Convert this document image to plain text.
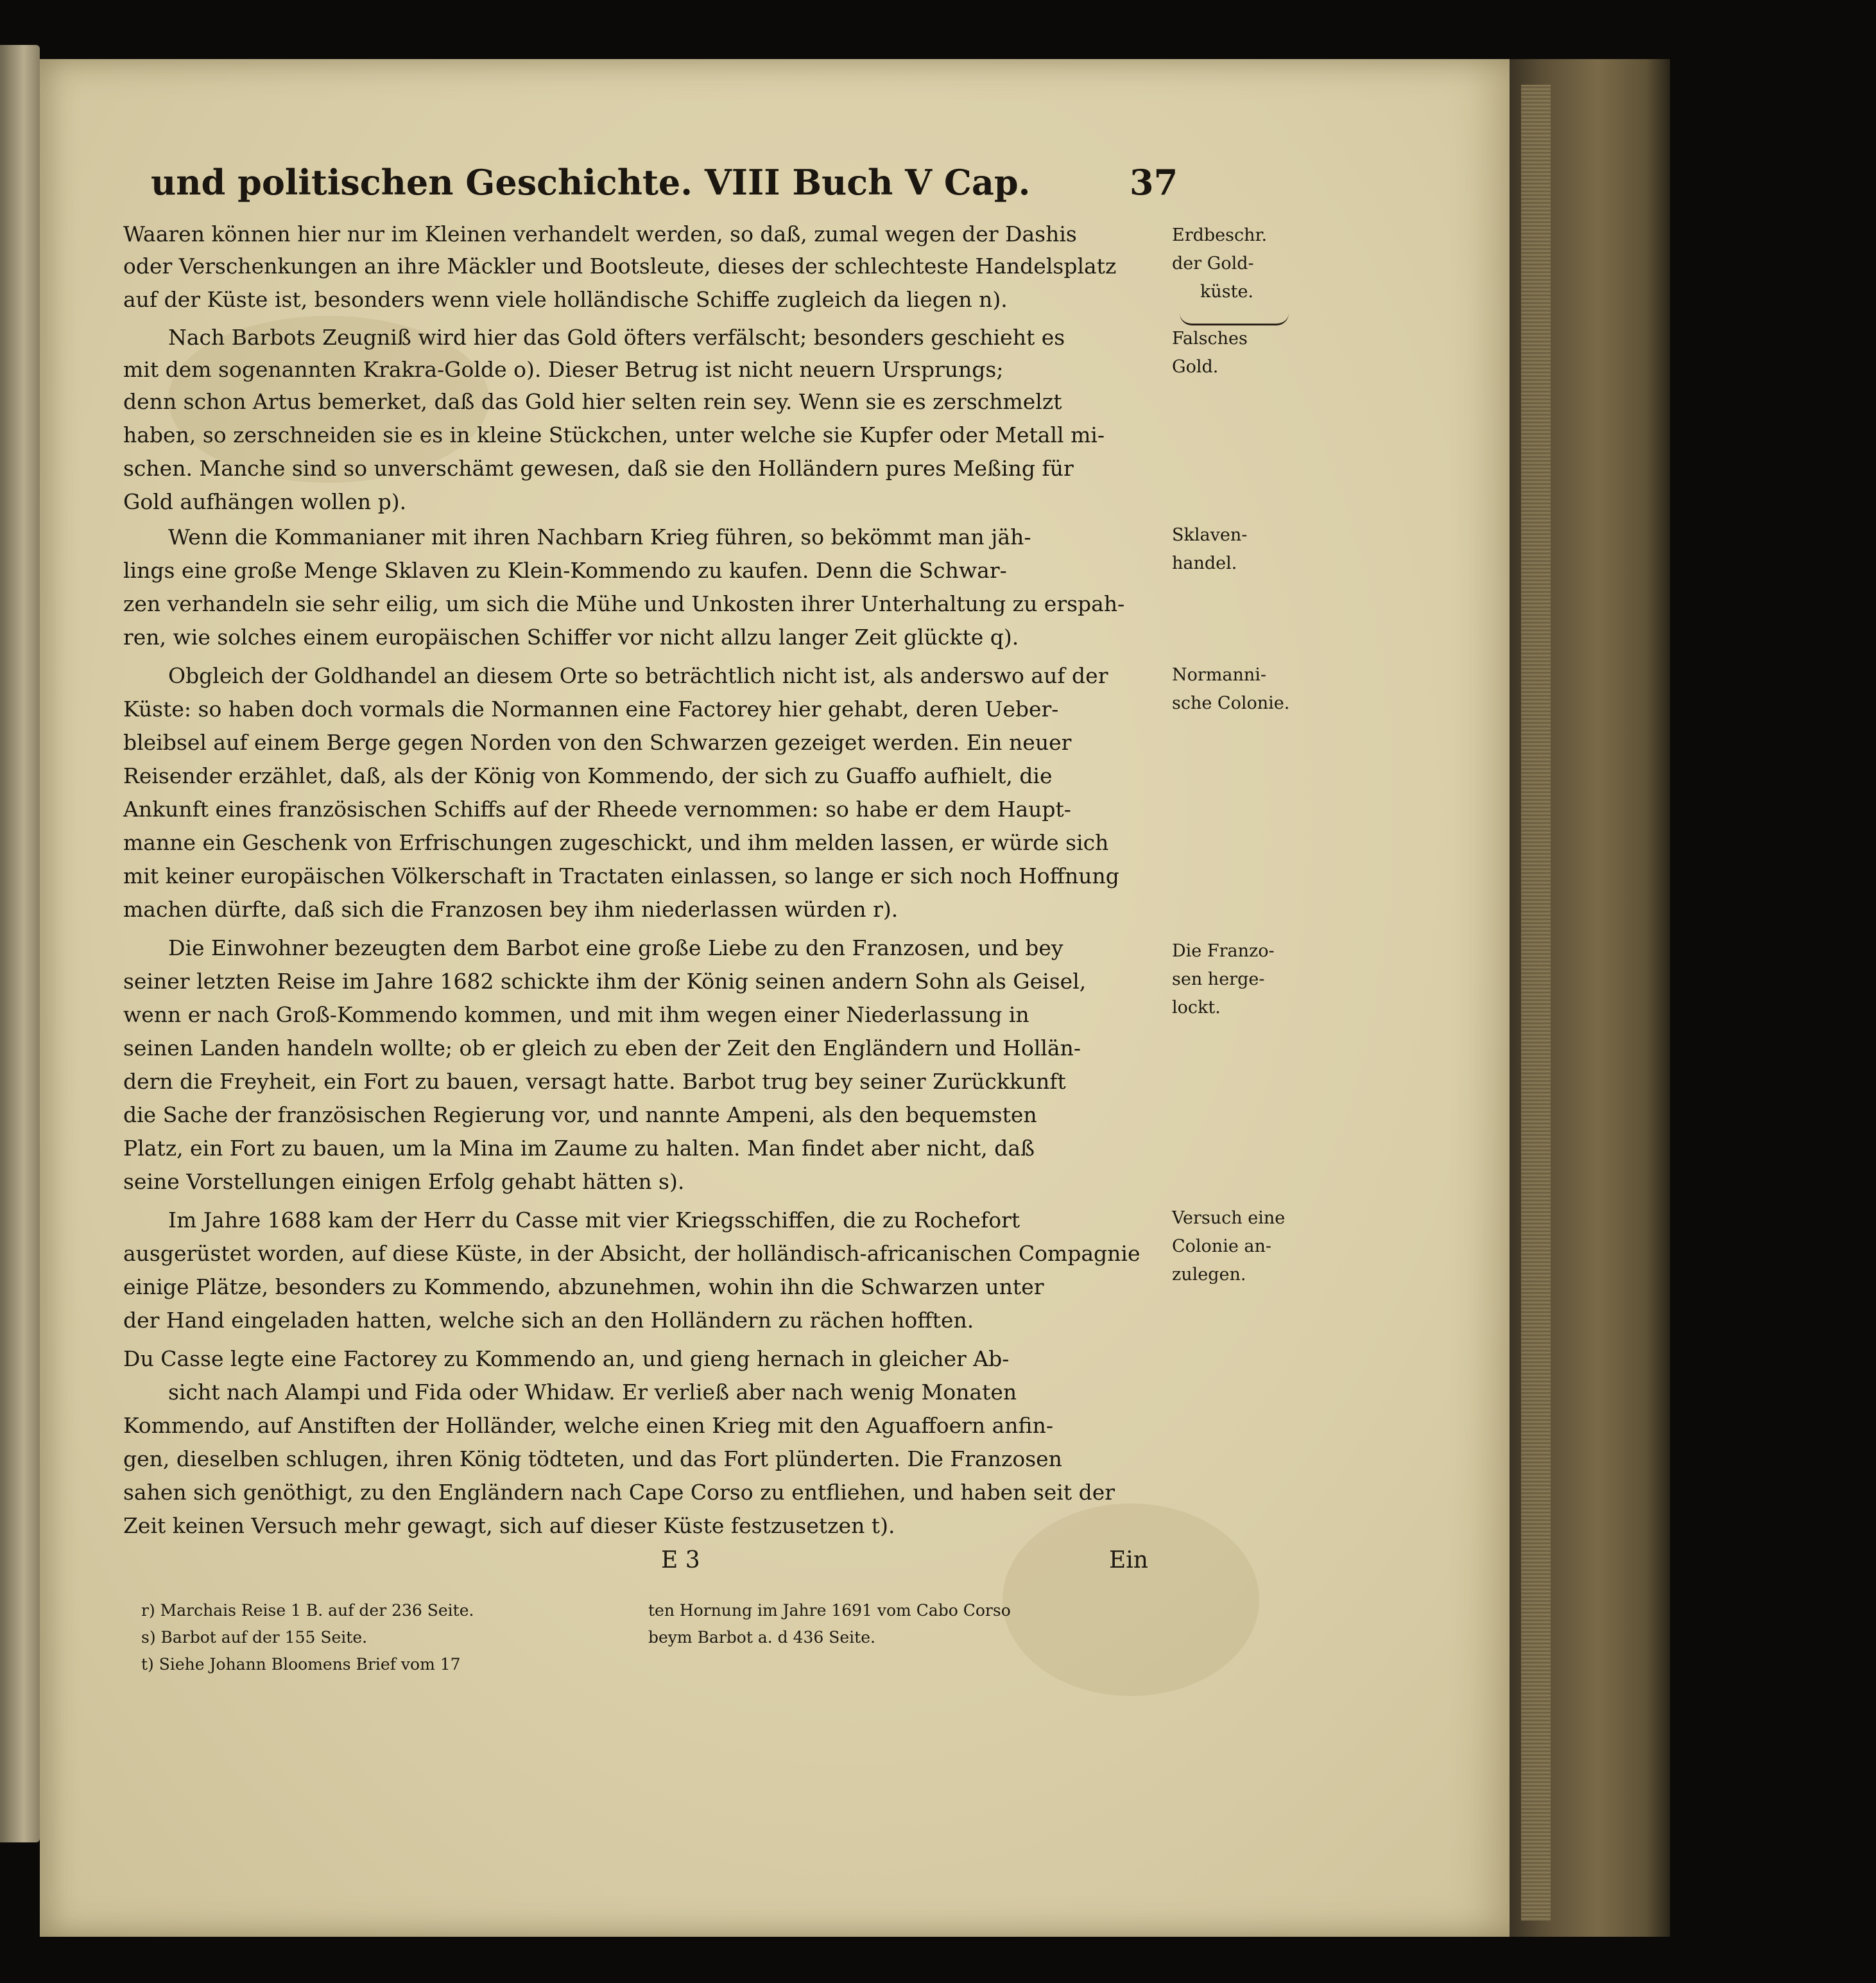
und politischen Geschichte. VIII Buch V Cap.	37
Waaren können hier nur im Kleinen verhandelt werden, so daß, zumal wegen der Dashis
oder Verschenkungen an ihre Mäckler und Bootsleute, dieses der schlechteste Handelsplatz
auf der Küste ist, besonders wenn viele holländische Schiffe zugleich da liegen n).
Nach Barbots Zeugniß wird hier das Gold öfters verfälscht; besonders geschieht es
mit dem sogenannten Krakra-Golde o). Dieser Betrug ist nicht neuern Ursprungs;
denn schon Artus bemerket, daß das Gold hier selten rein sey. Wenn sie es zerschmelzt
haben, so zerschneiden sie es in kleine Stückchen, unter welche sie Kupfer oder Metall mi-
schen. Manche sind so unverschämt gewesen, daß sie den Holländern pures Meßing für
Gold aufhängen wollen p).
Wenn die Kommanianer mit ihren Nachbarn Krieg führen, so bekömmt man jäh-
lings eine große Menge Sklaven zu Klein-Kommendo zu kaufen. Denn die Schwar-
zen verhandeln sie sehr eilig, um sich die Mühe und Unkosten ihrer Unterhaltung zu erspah-
ren, wie solches einem europäischen Schiffer vor nicht allzu langer Zeit glückte q).
Obgleich der Goldhandel an diesem Orte so beträchtlich nicht ist, als anderswo auf der
Küste: so haben doch vormals die Normannen eine Factorey hier gehabt, deren Ueber-
bleibsel auf einem Berge gegen Norden von den Schwarzen gezeiget werden. Ein neuer
Reisender erzählet, daß, als der König von Kommendo, der sich zu Guaffo aufhielt, die
Ankunft eines französischen Schiffs auf der Rheede vernommen: so habe er dem Haupt-
manne ein Geschenk von Erfrischungen zugeschickt, und ihm melden lassen, er würde sich
mit keiner europäischen Völkerschaft in Tractaten einlassen, so lange er sich noch Hoffnung
machen dürfte, daß sich die Franzosen bey ihm niederlassen würden r).
Die Einwohner bezeugten dem Barbot eine große Liebe zu den Franzosen, und bey
seiner letzten Reise im Jahre 1682 schickte ihm der König seinen andern Sohn als Geisel,
wenn er nach Groß-Kommendo kommen, und mit ihm wegen einer Niederlassung in
seinen Landen handeln wollte; ob er gleich zu eben der Zeit den Engländern und Hollän-
dern die Freyheit, ein Fort zu bauen, versagt hatte. Barbot trug bey seiner Zurückkunft
die Sache der französischen Regierung vor, und nannte Ampeni, als den bequemsten
Platz, ein Fort zu bauen, um la Mina im Zaume zu halten. Man findet aber nicht, daß
seine Vorstellungen einigen Erfolg gehabt hätten s).
Im Jahre 1688 kam der Herr du Casse mit vier Kriegsschiffen, die zu Rochefort
ausgerüstet worden, auf diese Küste, in der Absicht, der holländisch-africanischen Compagnie
einige Plätze, besonders zu Kommendo, abzunehmen, wohin ihn die Schwarzen unter
der Hand eingeladen hatten, welche sich an den Holländern zu rächen hofften.
Du Casse legte eine Factorey zu Kommendo an, und gieng hernach in gleicher Ab-
sicht nach Alampi und Fida oder Whidaw. Er verließ aber nach wenig Monaten
Kommendo, auf Anstiften der Holländer, welche einen Krieg mit den Aguaffoern anfin-
gen, dieselben schlugen, ihren König tödteten, und das Fort plünderten. Die Franzosen
sahen sich genöthigt, zu den Engländern nach Cape Corso zu entfliehen, und haben seit der
Zeit keinen Versuch mehr gewagt, sich auf dieser Küste festzusetzen t).
Erdbeschr.
der Gold-
küste.
Falsches
Gold.
Sklaven-
handel.
Normanni-
sche Colonie.
Die Franzo-
sen herge-
lockt.
Versuch eine
Colonie an-
zulegen.
E 3	Ein
r) Marchais Reise 1 B. auf der 236 Seite.
s) Barbot auf der 155 Seite.
t) Siehe Johann Bloomens Brief vom 17
ten Hornung im Jahre 1691 vom Cabo Corso
beym Barbot a. d 436 Seite.
